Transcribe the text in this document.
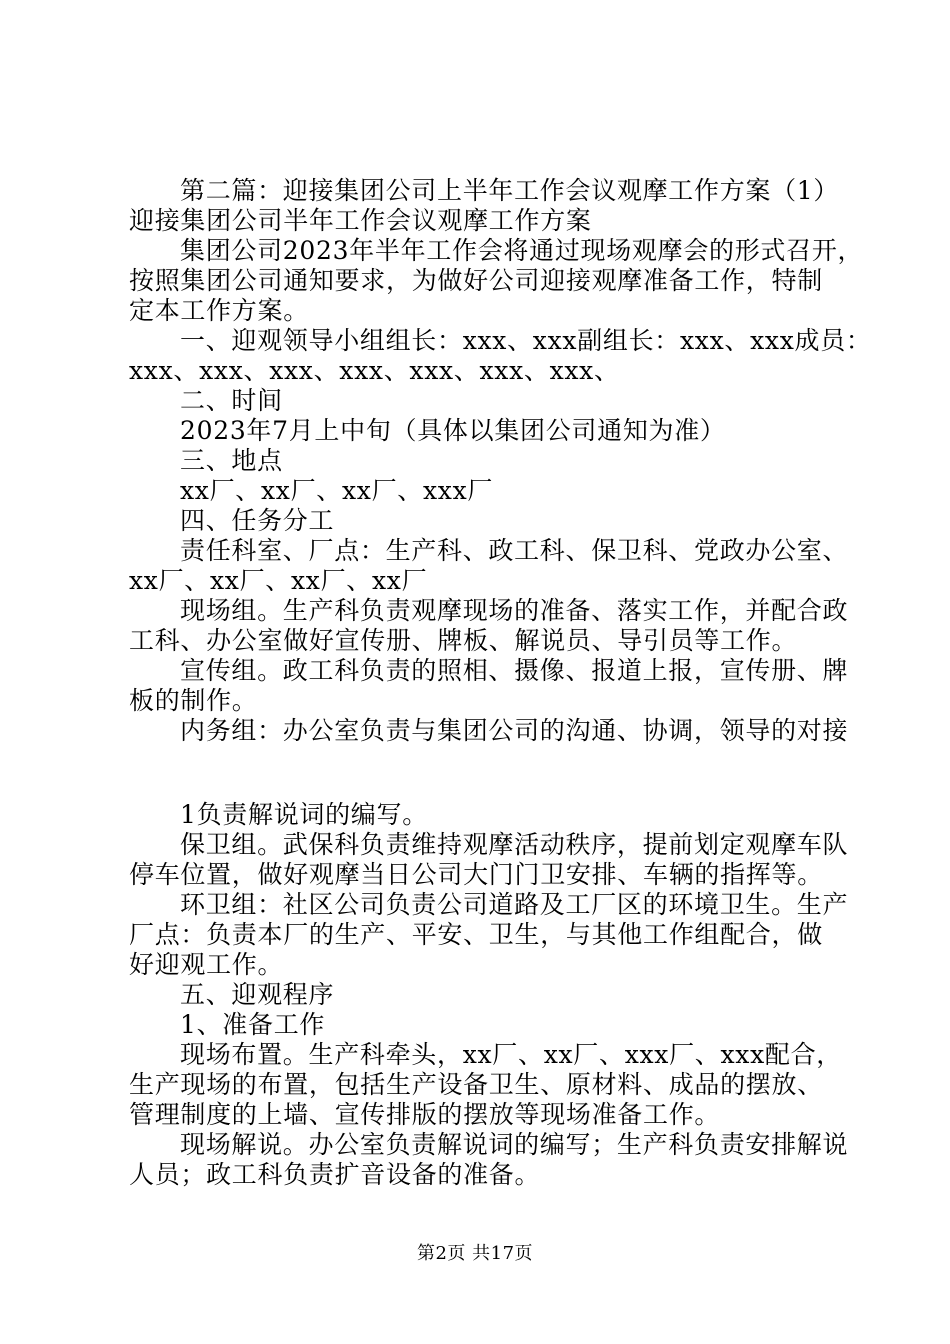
第二篇：迎接集团公司上半年工作会议观摩工作方案（1）
迎接集团公司半年工作会议观摩工作方案
集团公司2023年半年工作会将通过现场观摩会的形式召开，
按照集团公司通知要求，为做好公司迎接观摩准备工作，特制
定本工作方案。
一、迎观领导小组组长：xxx、xxx副组长：xxx、xxx成员：
xxx、xxx、xxx、xxx、xxx、xxx、xxx、
二、时间
2023年7月上中旬（具体以集团公司通知为准）
三、地点
xx厂、xx厂、xx厂、xxx厂
四、任务分工
责任科室、厂点：生产科、政工科、保卫科、党政办公室、
xx厂、xx厂、xx厂、xx厂
现场组。生产科负责观摩现场的准备、落实工作，并配合政
工科、办公室做好宣传册、牌板、解说员、导引员等工作。
宣传组。政工科负责的照相、摄像、报道上报，宣传册、牌
板的制作。
内务组：办公室负责与集团公司的沟通、协调，领导的对接
1负责解说词的编写。
保卫组。武保科负责维持观摩活动秩序，提前划定观摩车队
停车位置，做好观摩当日公司大门门卫安排、车辆的指挥等。
环卫组：社区公司负责公司道路及工厂区的环境卫生。生产
厂点：负责本厂的生产、平安、卫生，与其他工作组配合，做
好迎观工作。
五、迎观程序
1、准备工作
现场布置。生产科牵头，xx厂、xx厂、xxx厂、xxx配合，
生产现场的布置，包括生产设备卫生、原材料、成品的摆放、
管理制度的上墙、宣传排版的摆放等现场准备工作。
现场解说。办公室负责解说词的编写；生产科负责安排解说
人员；政工科负责扩音设备的准备。
第2页 共17页
